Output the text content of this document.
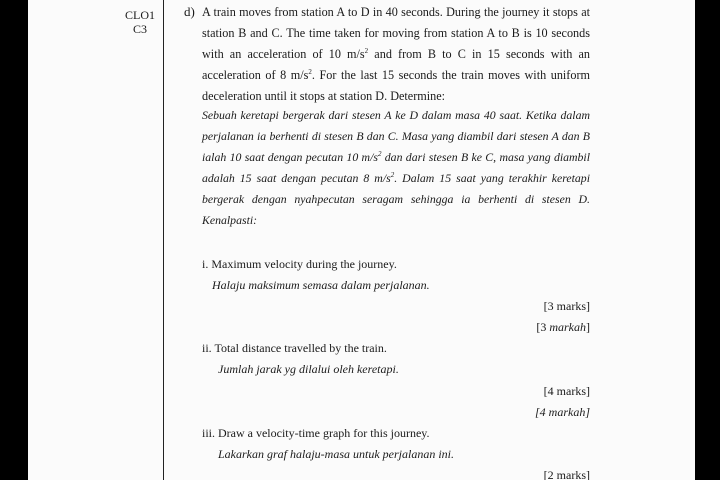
CLO1
C3
d) A train moves from station A to D in 40 seconds. During the journey it stops at station B and C. The time taken for moving from station A to B is 10 seconds with an acceleration of 10 $m/s^2$ and from B to C in 15 seconds with an acceleration of 8 $m/s^2$. For the last 15 seconds the train moves with uniform deceleration until it stops at station D. Determine:
Sebuah keretapi bergerak dari stesen A ke D dalam masa 40 saat. Ketika dalam perjalanan ia berhenti di stesen B dan C. Masa yang diambil dari stesen A dan B ialah 10 saat dengan pecutan 10 $m/s^2$ dan dari stesen B ke C, masa yang diambil adalah 15 saat dengan pecutan 8 $m/s^2$. Dalam 15 saat yang terakhir keretapi bergerak dengan nyahpecutan seragam sehingga ia berhenti di stesen D. Kenalpasti:
i. Maximum velocity during the journey.
Halaju maksimum semasa dalam perjalanan.
[3 marks]
[3 markah]
ii. Total distance travelled by the train.
Jumlah jarak yg dilalui oleh keretapi.
[4 marks]
[4 markah]
iii. Draw a velocity-time graph for this journey.
Lakarkan graf halaju-masa untuk perjalanan ini.
[2 marks]
